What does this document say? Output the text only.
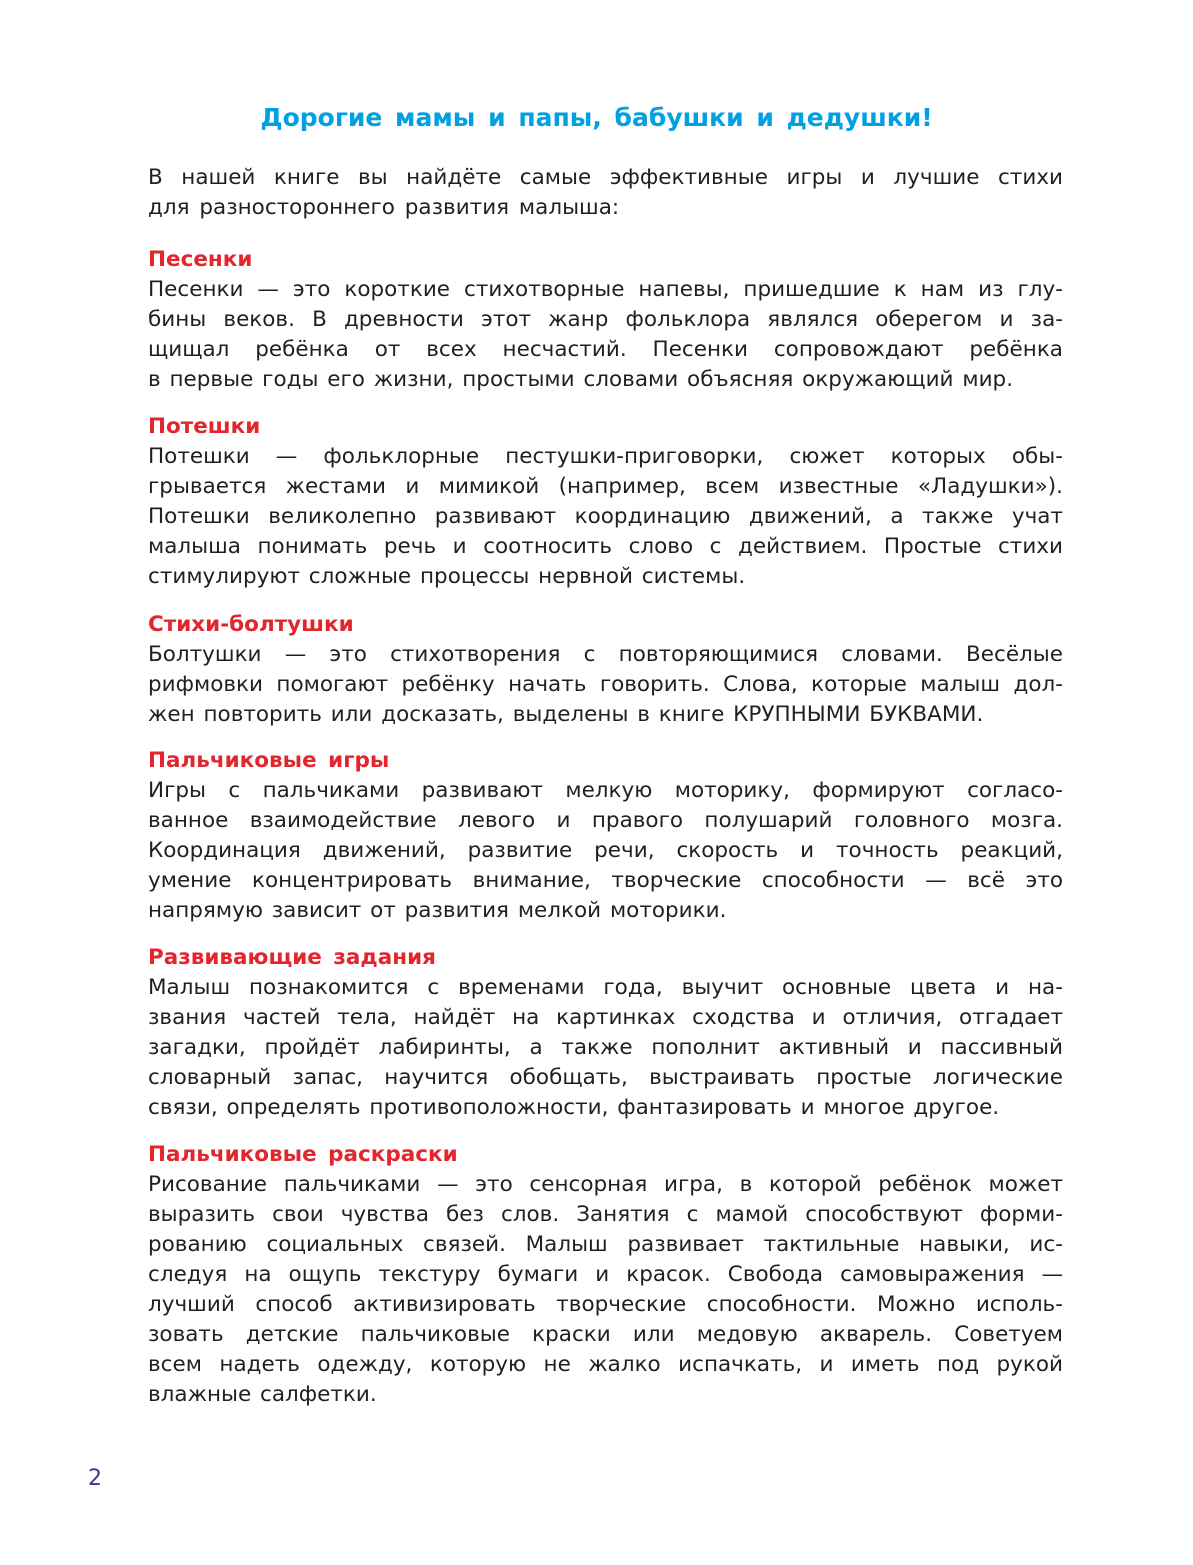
Дорогие мамы и папы, бабушки и дедушки!

В нашей книге вы найдёте самые эффективные игры и лучшие стихи
для разностороннего развития малыша:

Песенки

Песенки — это короткие стихотворные напевы, пришедшие к нам из глу-
бины веков. В древности этот жанр фольклора являлся оберегом и за-
щищал ребёнка от всех несчастий. Песенки сопровождают ребёнка
в первые годы его жизни, простыми словами объясняя окружающий мир.

Потешки

Потешки — фольклорные пестушки-приговорки, сюжет которых обы-
грывается жестами и мимикой (например, всем известные «Ладушки»).
Потешки великолепно развивают координацию движений, а также учат
малыша понимать речь и соотносить слово с действием. Простые стихи
стимулируют сложные процессы нервной системы.

Стихи-болтушки

Болтушки — это стихотворения с повторяющимися словами. Весёлые
рифмовки помогают ребёнку начать говорить. Слова, которые малыш дол-
жен повторить или досказать, выделены в книге КРУПНЫМИ БУКВАМИ.

Пальчиковые игры

Игры с пальчиками развивают мелкую моторику, формируют согласо-
ванное взаимодействие левого и правого полушарий головного мозга.
Координация движений, развитие речи, скорость и точность реакций,
умение концентрировать внимание, творческие способности — всё это
напрямую зависит от развития мелкой моторики.

Развивающие задания

Малыш познакомится с временами года, выучит основные цвета и на-
звания частей тела, найдёт на картинках сходства и отличия, отгадает
загадки, пройдёт лабиринты, а также пополнит активный и пассивный
словарный запас, научится обобщать, выстраивать простые логические
связи, определять противоположности, фантазировать и многое другое.

Пальчиковые раскраски

Рисование пальчиками — это сенсорная игра, в которой ребёнок может
выразить свои чувства без слов. Занятия с мамой способствуют форми-
рованию социальных связей. Малыш развивает тактильные навыки, ис-
следуя на ощупь текстуру бумаги и красок. Свобода самовыражения —
лучший способ активизировать творческие способности. Можно исполь-
зовать детские пальчиковые краски или медовую акварель. Советуем
всем надеть одежду, которую не жалко испачкать, и иметь под рукой
влажные салфетки.

2
